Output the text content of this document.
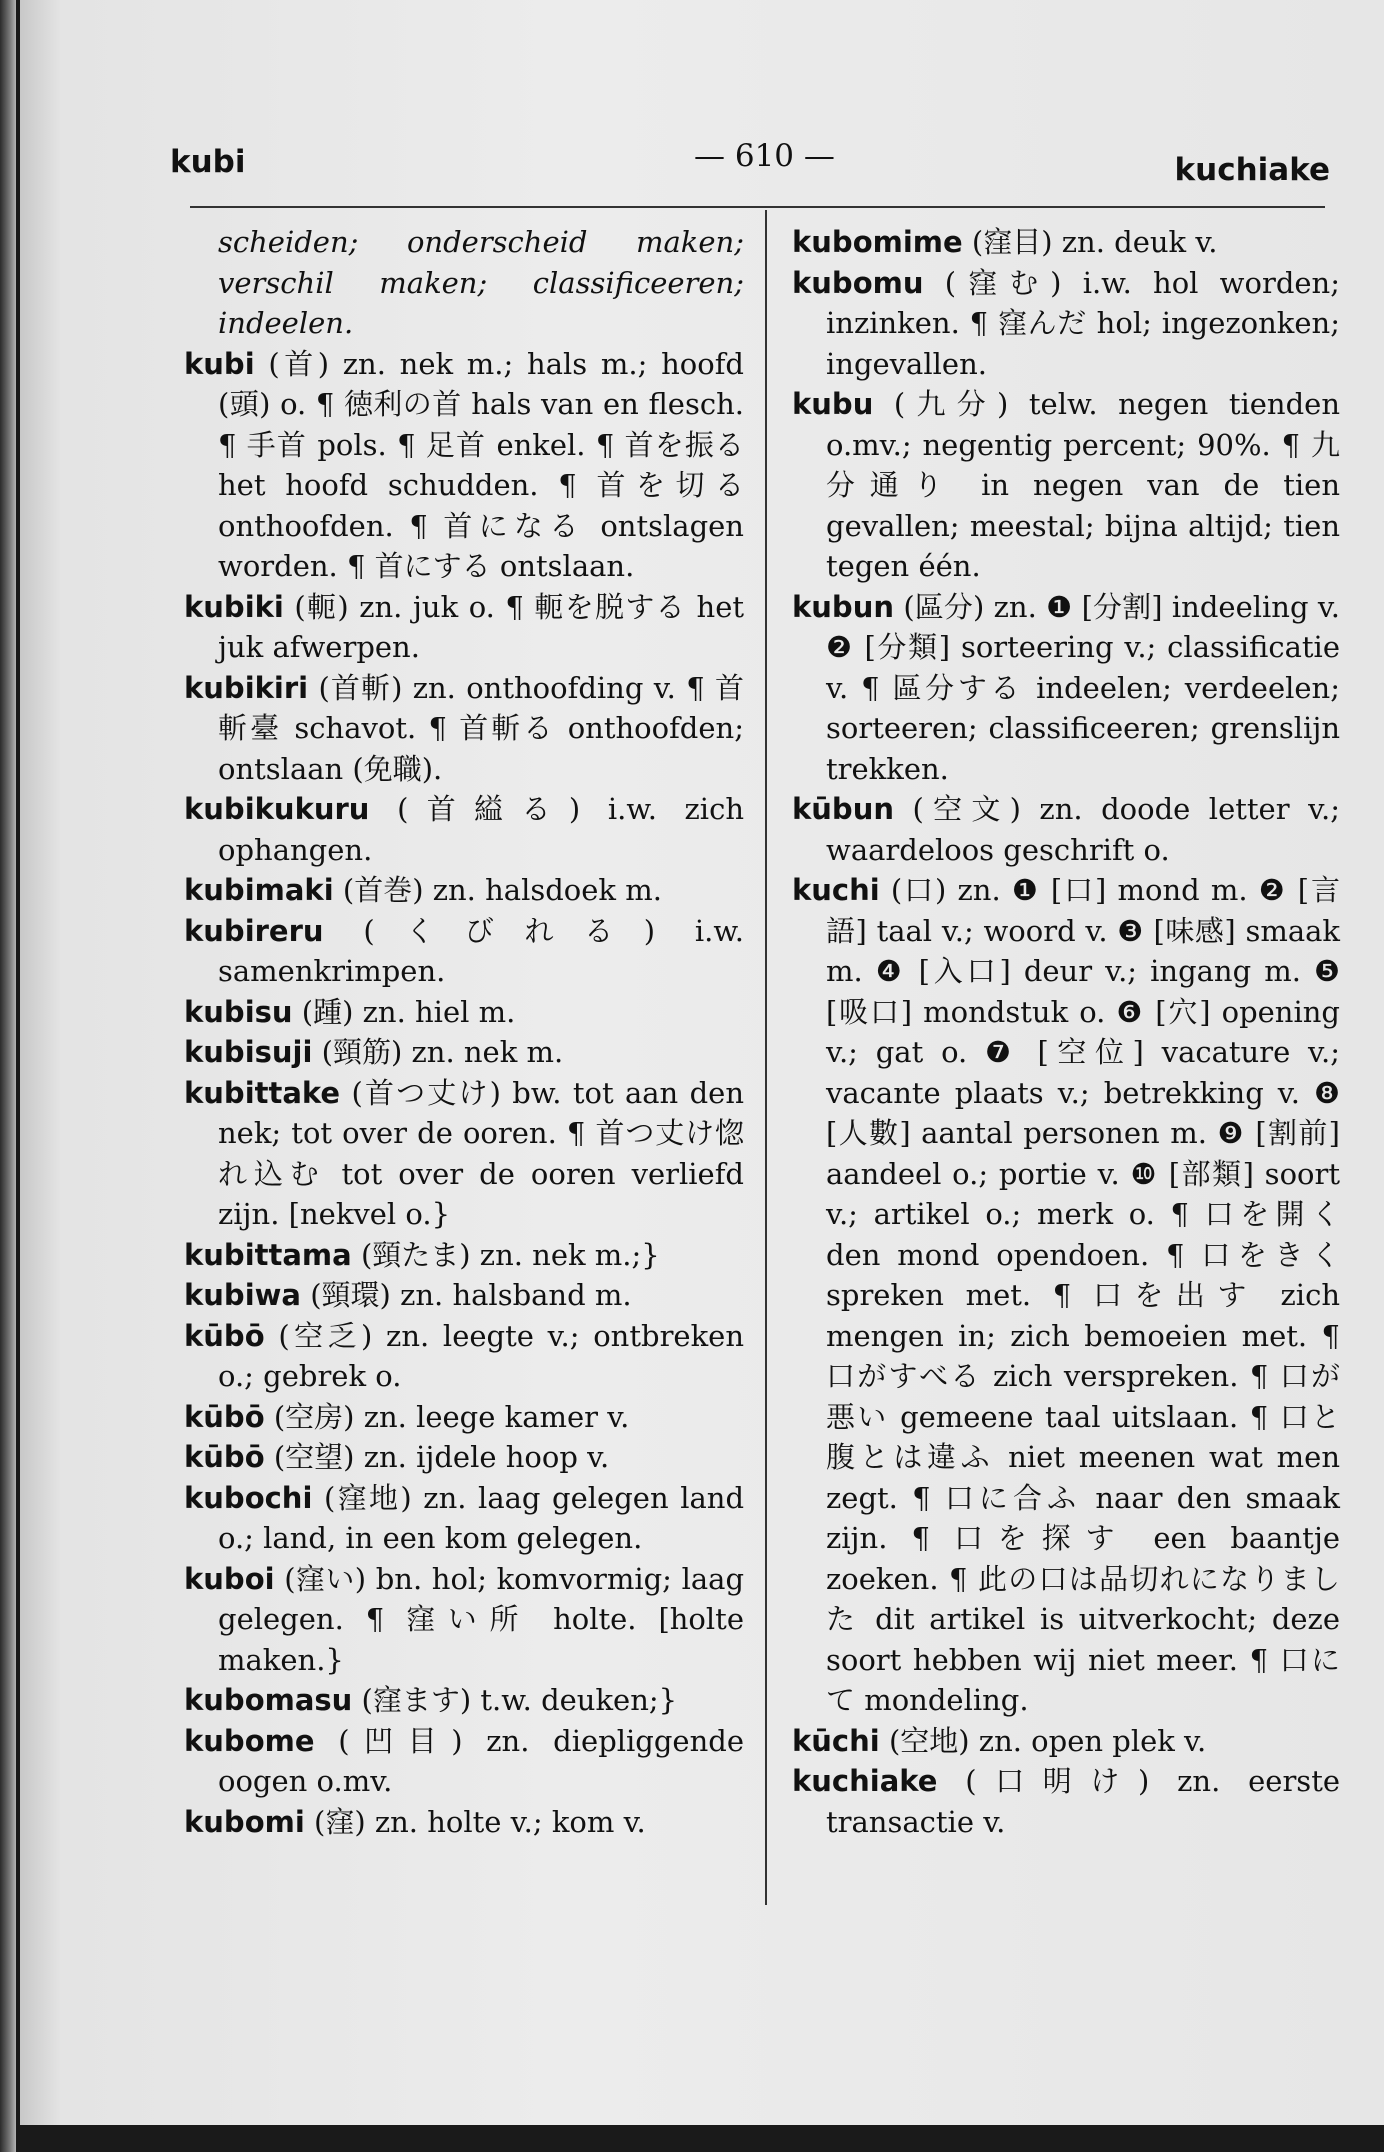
kubi	— 610 —	kuchiake

scheiden; onderscheid maken; verschil maken; classificeeren; indeelen.

kubi (首) zn. nek m.; hals m.; hoofd (頭) o. ¶ 徳利の首 hals van en flesch. ¶ 手首 pols. ¶ 足首 enkel. ¶ 首を振る het hoofd schudden. ¶ 首を切る onthoofden. ¶ 首になる ontslagen worden. ¶ 首にする ontslaan.

kubiki (軛) zn. juk o. ¶ 軛を脱する het juk afwerpen.

kubikiri (首斬) zn. onthoofding v. ¶ 首斬臺 schavot. ¶ 首斬る onthoofden; ontslaan (免職).

kubikukuru (首縊る) i.w. zich ophangen.

kubimaki (首巻) zn. halsdoek m.

kubireru (くびれる) i.w. samenkrimpen.

kubisu (踵) zn. hiel m.

kubisuji (頸筋) zn. nek m.

kubittake (首つ丈け) bw. tot aan den nek; tot over de ooren. ¶ 首つ丈け惚れ込む tot over de ooren verliefd zijn. [nekvel o.}

kubittama (頸たま) zn. nek m.;}

kubiwa (頸環) zn. halsband m.

kūbō (空乏) zn. leegte v.; ontbreken o.; gebrek o.

kūbō (空房) zn. leege kamer v.

kūbō (空望) zn. ijdele hoop v.

kubochi (窪地) zn. laag gelegen land o.; land, in een kom gelegen.

kuboi (窪い) bn. hol; komvormig; laag gelegen. ¶ 窪い所 holte. [holte maken.}

kubomasu (窪ます) t.w. deuken;}

kubome (凹目) zn. diepliggende oogen o.mv.

kubomi (窪) zn. holte v.; kom v.

kubomime (窪目) zn. deuk v.

kubomu (窪む) i.w. hol worden; inzinken. ¶ 窪んだ hol; ingezonken; ingevallen.

kubu (九分) telw. negen tienden o.mv.; negentig percent; 90%. ¶ 九分通り in negen van de tien gevallen; meestal; bijna altijd; tien tegen één.

kubun (區分) zn. ❶ [分割] indeeling v. ❷ [分類] sorteering v.; classificatie v. ¶ 區分する indeelen; verdeelen; sorteeren; classificeeren; grenslijn trekken.

kūbun (空文) zn. doode letter v.; waardeloos geschrift o.

kuchi (口) zn. ❶ [口] mond m. ❷ [言語] taal v.; woord v. ❸ [味感] smaak m. ❹ [入口] deur v.; ingang m. ❺ [吸口] mondstuk o. ❻ [穴] opening v.; gat o. ❼ [空位] vacature v.; vacante plaats v.; betrekking v. ❽ [人數] aantal personen m. ❾ [割前] aandeel o.; portie v. ❿ [部類] soort v.; artikel o.; merk o. ¶ 口を開く den mond opendoen. ¶ 口をきく spreken met. ¶ 口を出す zich mengen in; zich bemoeien met. ¶ 口がすべる zich verspreken. ¶ 口が悪い gemeene taal uitslaan. ¶ 口と腹とは違ふ niet meenen wat men zegt. ¶ 口に合ふ naar den smaak zijn. ¶ 口を探す een baantje zoeken. ¶ 此の口は品切れになりました dit artikel is uitverkocht; deze soort hebben wij niet meer. ¶ 口にて mondeling.

kūchi (空地) zn. open plek v.

kuchiake (口明け) zn. eerste transactie v.
